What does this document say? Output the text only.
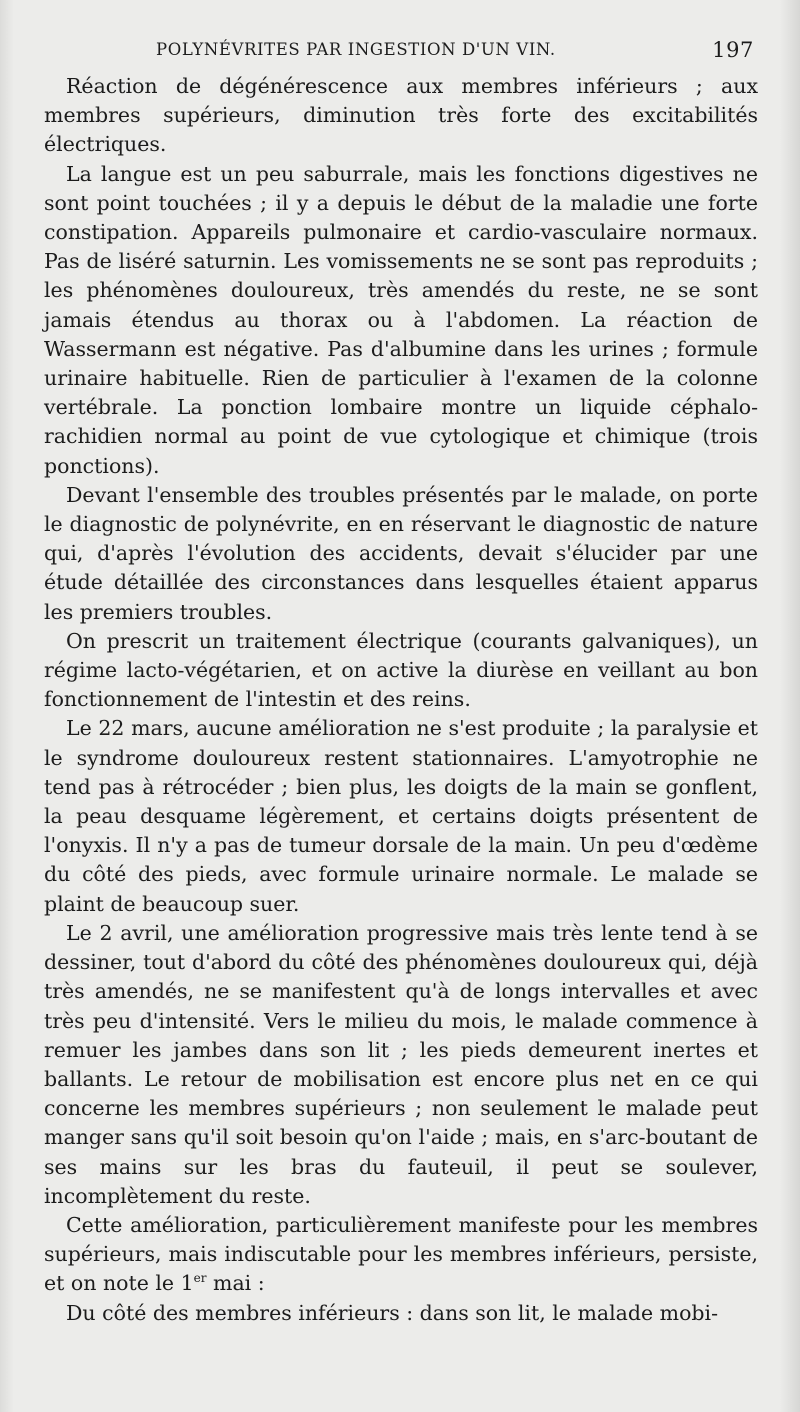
POLYNÉVRITES PAR INGESTION D'UN VIN.	197

Réaction de dégénérescence aux membres inférieurs ; aux membres supérieurs, diminution très forte des excitabilités électriques.

La langue est un peu saburrale, mais les fonctions digestives ne sont point touchées ; il y a depuis le début de la maladie une forte constipation. Appareils pulmonaire et cardio-vasculaire normaux. Pas de liséré saturnin. Les vomissements ne se sont pas reproduits ; les phénomènes douloureux, très amendés du reste, ne se sont jamais étendus au thorax ou à l'abdomen. La réaction de Wassermann est négative. Pas d'albumine dans les urines ; formule urinaire habituelle. Rien de particulier à l'examen de la colonne vertébrale. La ponction lombaire montre un liquide céphalo-rachidien normal au point de vue cytologique et chimique (trois ponctions).

Devant l'ensemble des troubles présentés par le malade, on porte le diagnostic de polynévrite, en en réservant le diagnostic de nature qui, d'après l'évolution des accidents, devait s'élucider par une étude détaillée des circonstances dans lesquelles étaient apparus les premiers troubles.

On prescrit un traitement électrique (courants galvaniques), un régime lacto-végétarien, et on active la diurèse en veillant au bon fonctionnement de l'intestin et des reins.

Le 22 mars, aucune amélioration ne s'est produite ; la paralysie et le syndrome douloureux restent stationnaires. L'amyotrophie ne tend pas à rétrocéder ; bien plus, les doigts de la main se gonflent, la peau desquame légèrement, et certains doigts présentent de l'onyxis. Il n'y a pas de tumeur dorsale de la main. Un peu d'œdème du côté des pieds, avec formule urinaire normale. Le malade se plaint de beaucoup suer.

Le 2 avril, une amélioration progressive mais très lente tend à se dessiner, tout d'abord du côté des phénomènes douloureux qui, déjà très amendés, ne se manifestent qu'à de longs intervalles et avec très peu d'intensité. Vers le milieu du mois, le malade commence à remuer les jambes dans son lit ; les pieds demeurent inertes et ballants. Le retour de mobilisation est encore plus net en ce qui concerne les membres supérieurs ; non seulement le malade peut manger sans qu'il soit besoin qu'on l'aide ; mais, en s'arc-boutant de ses mains sur les bras du fauteuil, il peut se soulever, incomplètement du reste.

Cette amélioration, particulièrement manifeste pour les membres supérieurs, mais indiscutable pour les membres inférieurs, persiste, et on note le 1er mai :

Du côté des membres inférieurs : dans son lit, le malade mobi-
